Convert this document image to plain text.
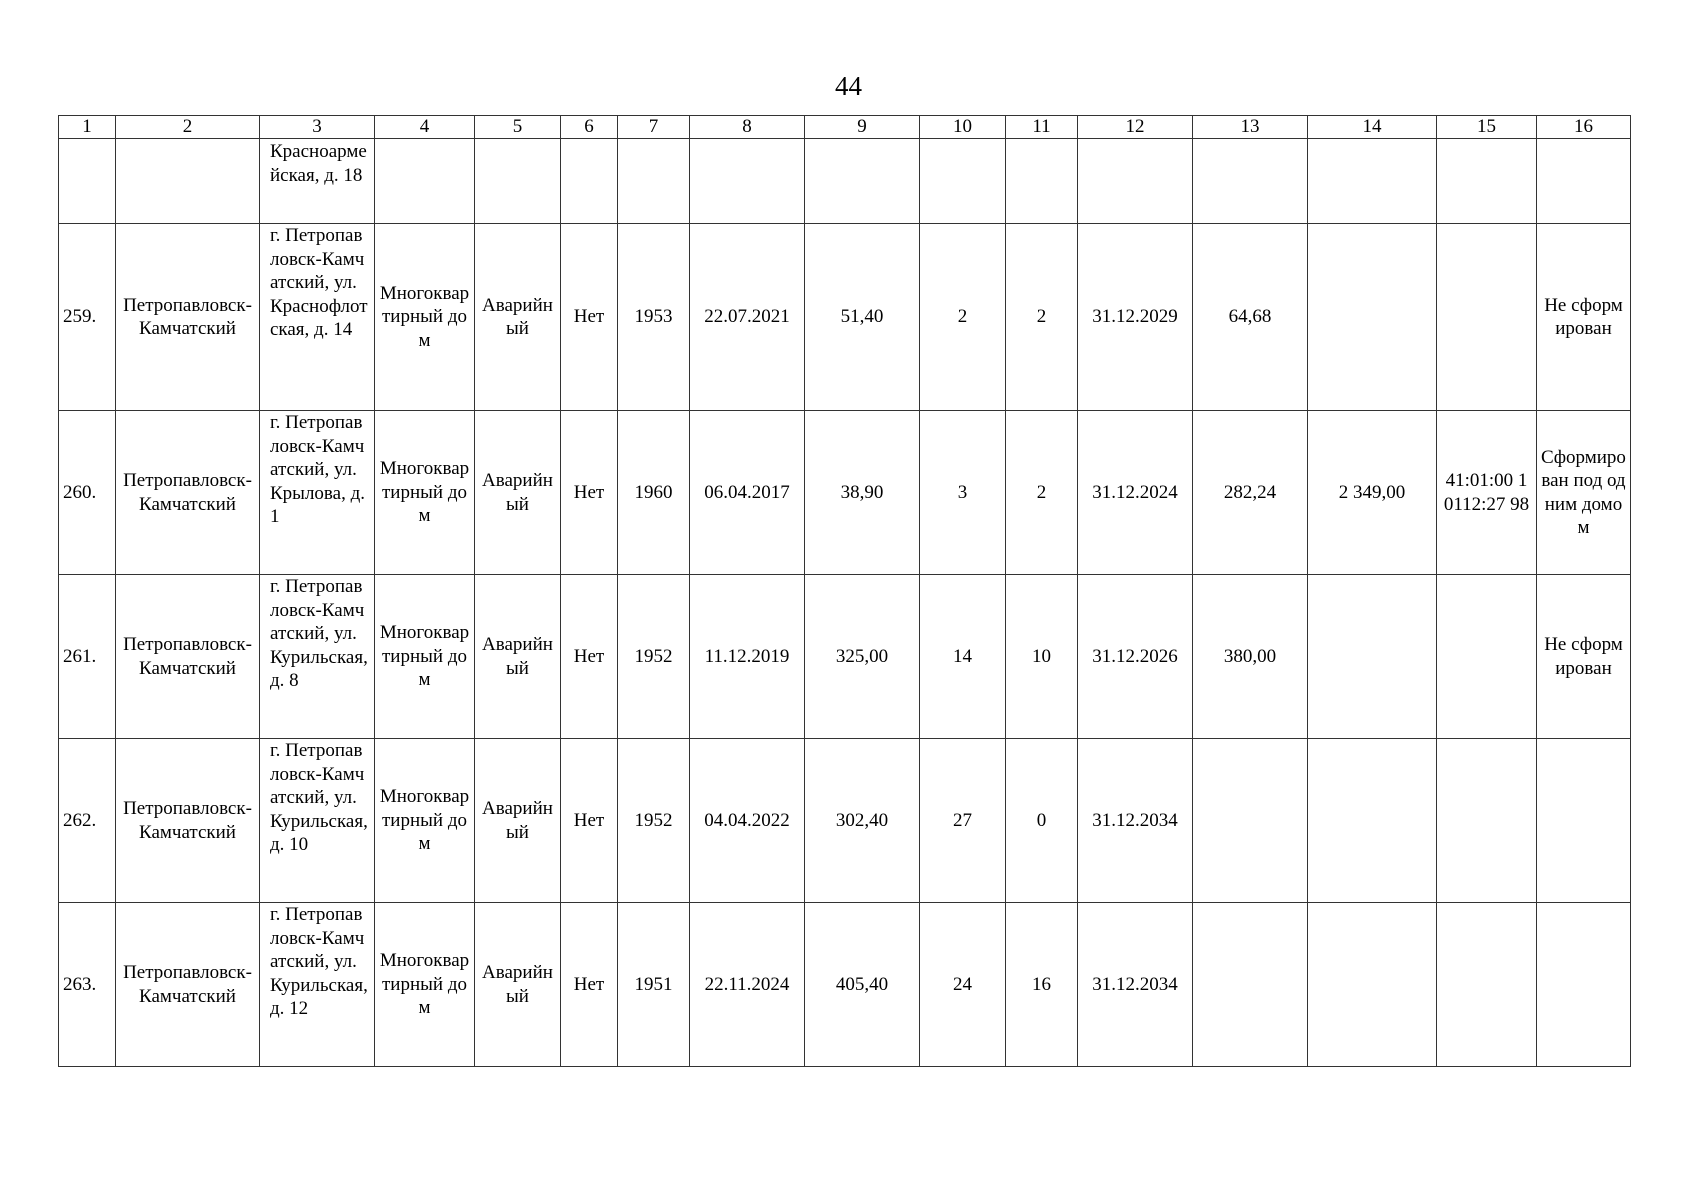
44
1	2	3	4	5	6	7	8	9	10	11	12	13	14	15	16
		Красноармейская, д. 18													
259.	Петропавловск-Камчатский	г. Петропавловск-Камчатский, ул. Краснофлотская, д. 14	Многоквартирный дом	Аварийный	Нет	1953	22.07.2021	51,40	2	2	31.12.2029	64,68			Не сформирован
260.	Петропавловск-Камчатский	г. Петропавловск-Камчатский, ул. Крылова, д. 1	Многоквартирный дом	Аварийный	Нет	1960	06.04.2017	38,90	3	2	31.12.2024	282,24	2 349,00	41:01:00 10112:27 98	Сформирован под одним домом
261.	Петропавловск-Камчатский	г. Петропавловск-Камчатский, ул. Курильская, д. 8	Многоквартирный дом	Аварийный	Нет	1952	11.12.2019	325,00	14	10	31.12.2026	380,00			Не сформирован
262.	Петропавловск-Камчатский	г. Петропавловск-Камчатский, ул. Курильская, д. 10	Многоквартирный дом	Аварийный	Нет	1952	04.04.2022	302,40	27	0	31.12.2034				
263.	Петропавловск-Камчатский	г. Петропавловск-Камчатский, ул. Курильская, д. 12	Многоквартирный дом	Аварийный	Нет	1951	22.11.2024	405,40	24	16	31.12.2034				
